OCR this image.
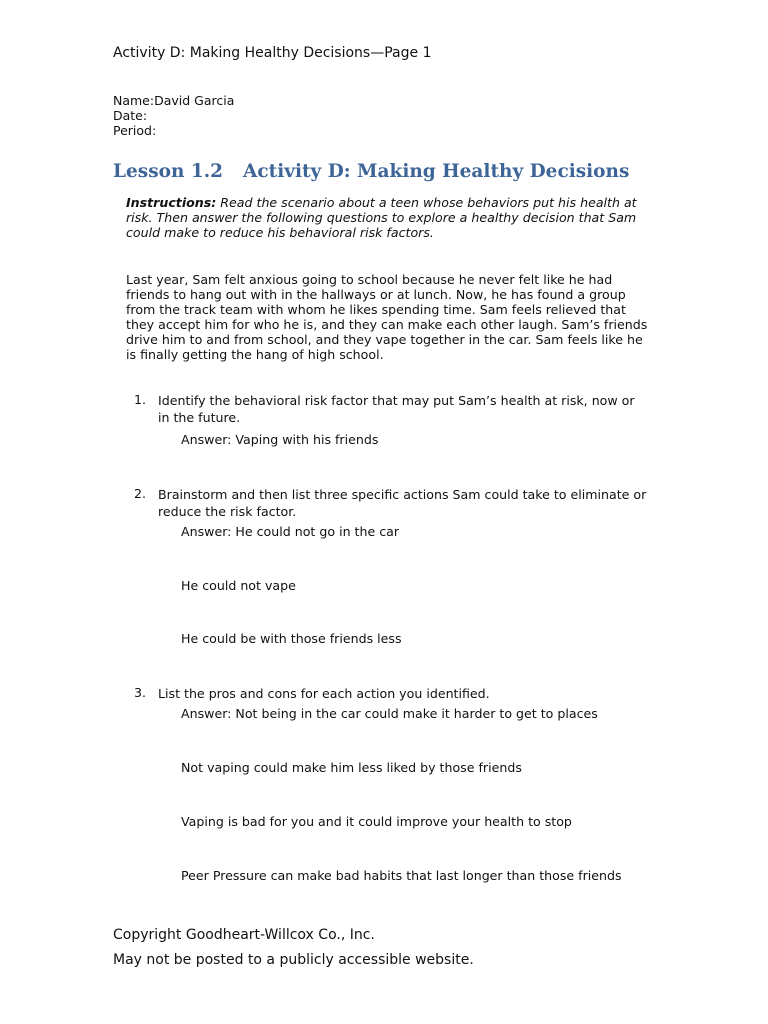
Activity D: Making Healthy Decisions—Page 1
Name:David Garcia
Date:
Period:
Lesson 1.2 Activity D: Making Healthy Decisions
Instructions: Read the scenario about a teen whose behaviors put his health at risk. Then answer the following questions to explore a healthy decision that Sam could make to reduce his behavioral risk factors.
Last year, Sam felt anxious going to school because he never felt like he had friends to hang out with in the hallways or at lunch. Now, he has found a group from the track team with whom he likes spending time. Sam feels relieved that they accept him for who he is, and they can make each other laugh. Sam’s friends drive him to and from school, and they vape together in the car. Sam feels like he is finally getting the hang of high school.
1. Identify the behavioral risk factor that may put Sam’s health at risk, now or in the future.
Answer: Vaping with his friends
2. Brainstorm and then list three specific actions Sam could take to eliminate or reduce the risk factor.
Answer: He could not go in the car
He could not vape
He could be with those friends less
3. List the pros and cons for each action you identified.
Answer: Not being in the car could make it harder to get to places
Not vaping could make him less liked by those friends
Vaping is bad for you and it could improve your health to stop
Peer Pressure can make bad habits that last longer than those friends
Copyright Goodheart-Willcox Co., Inc.
May not be posted to a publicly accessible website.
